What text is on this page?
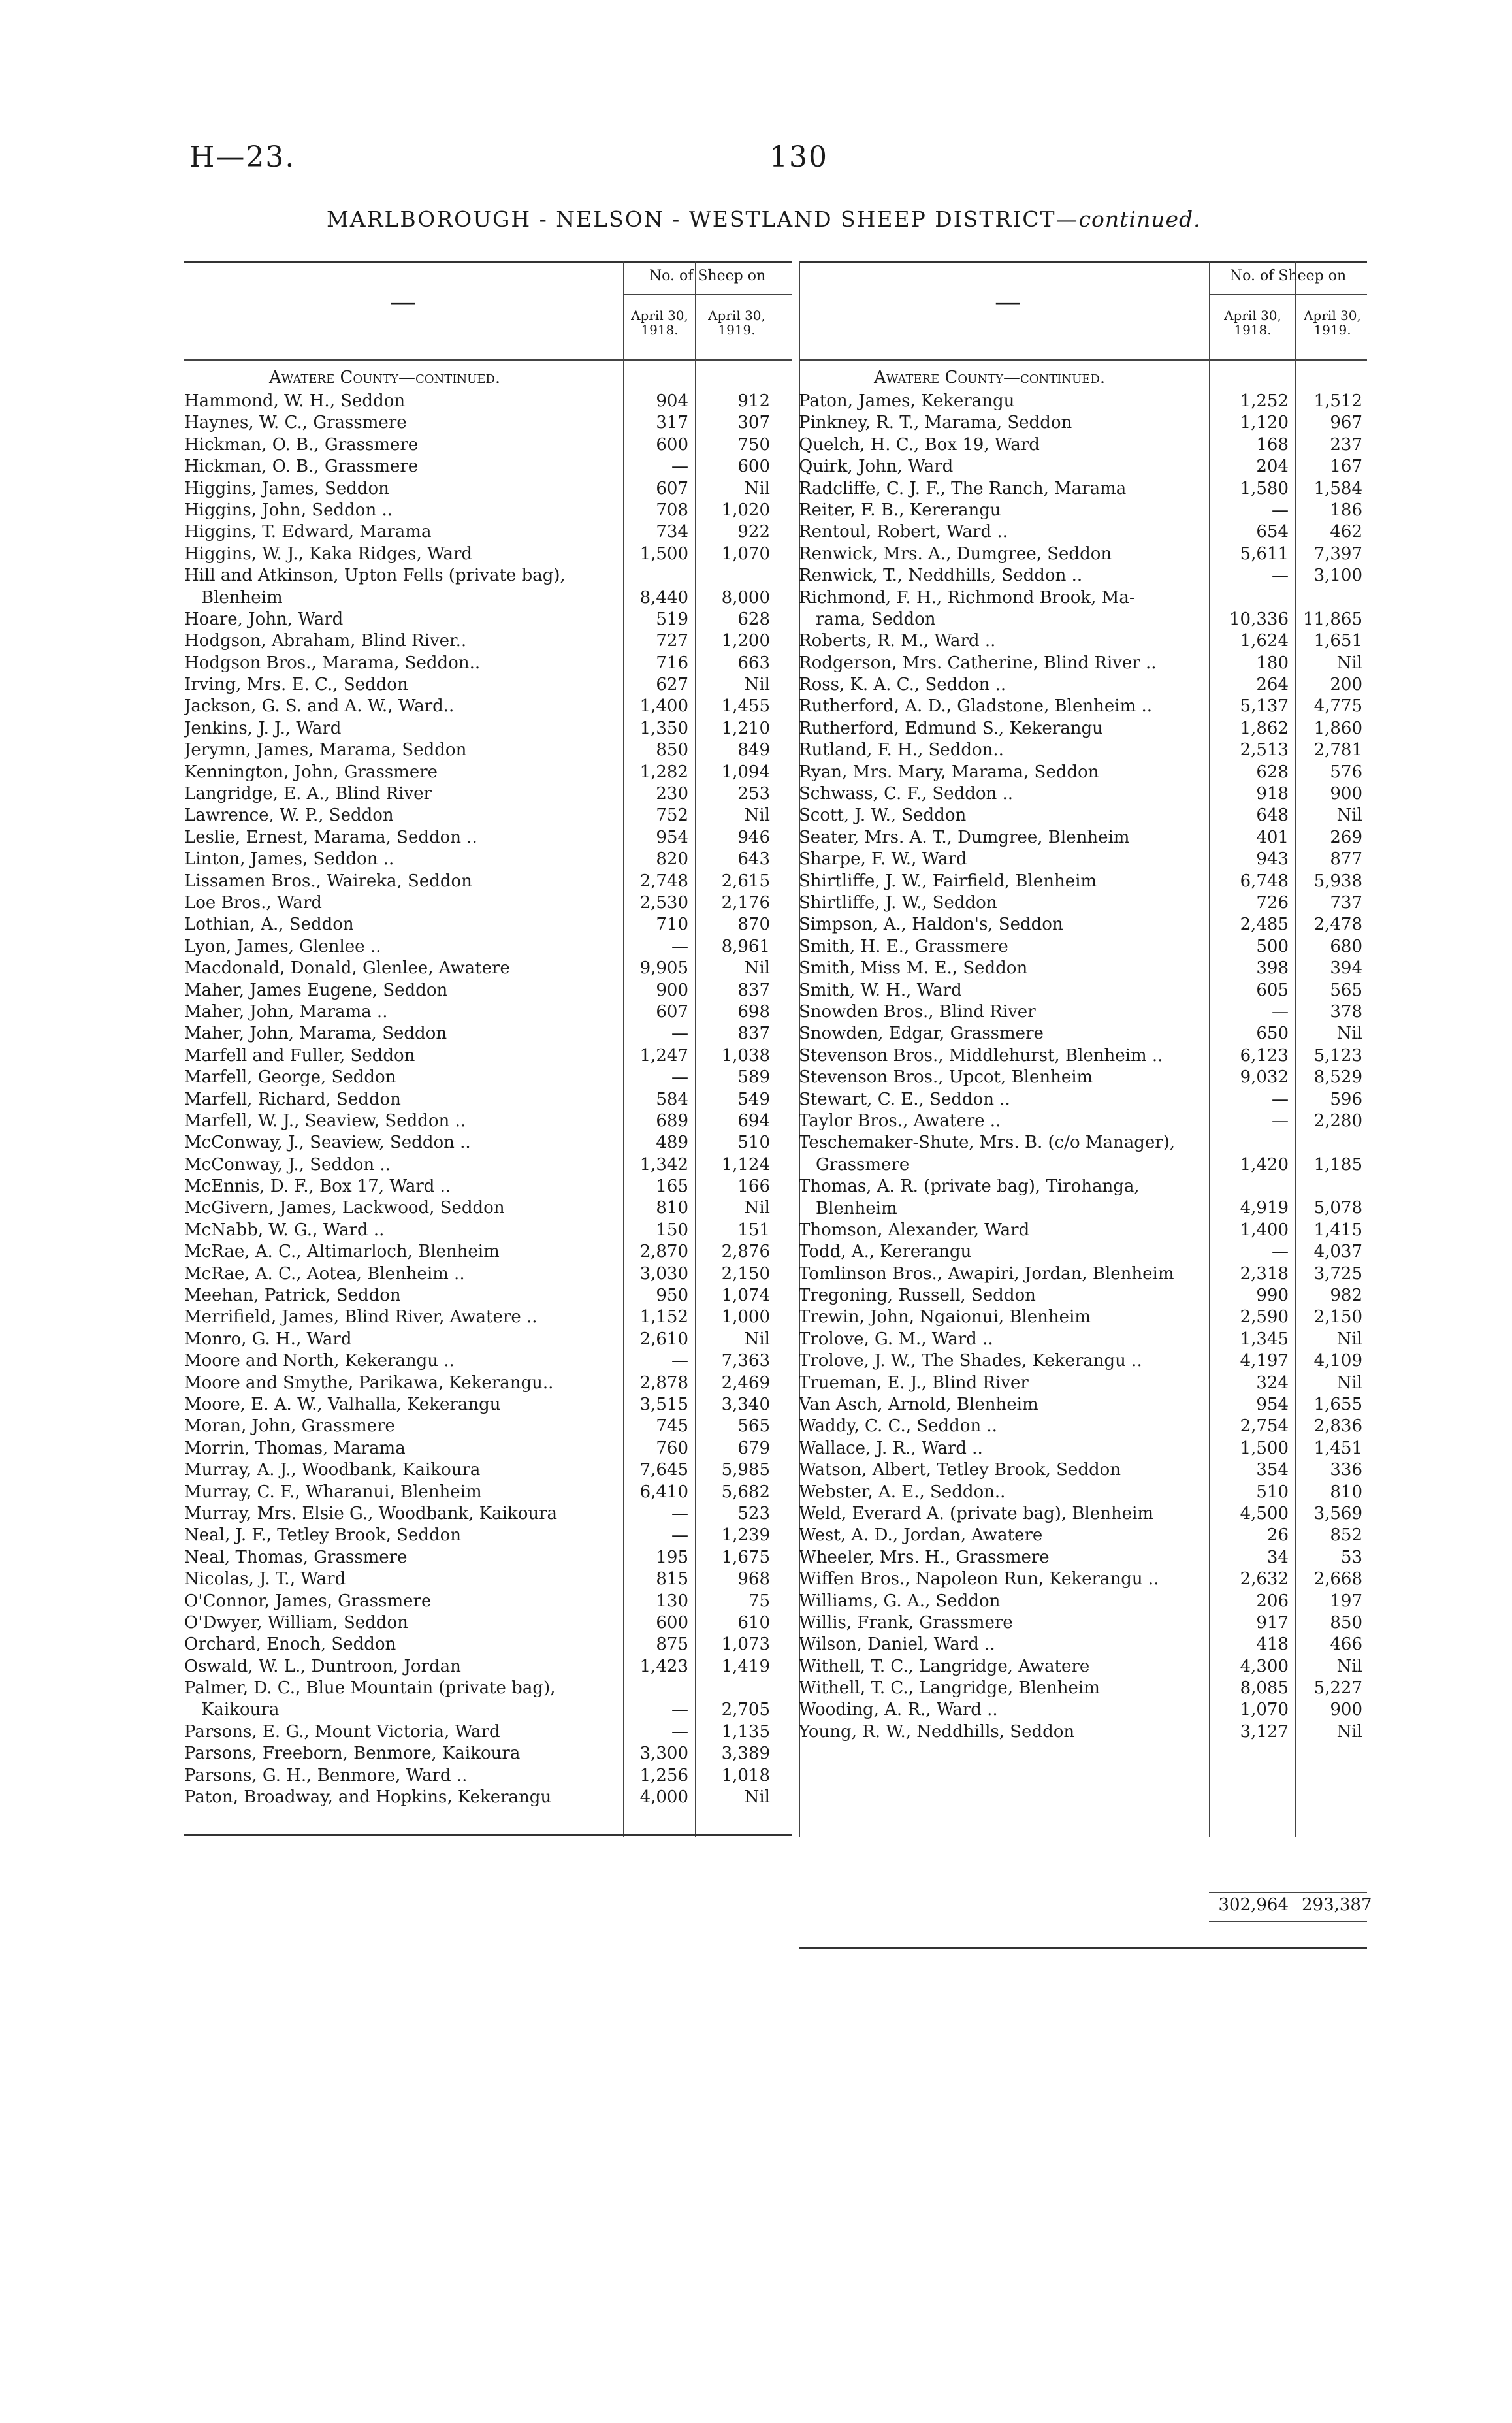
H—23.	130
MARLBOROUGH - NELSON - WESTLAND SHEEP DISTRICT—continued.
—
No. of Sheep on
April 30, 1918.
April 30, 1919.
Awatere County—continued.
Hammond, W. H., Seddon	904	912
Haynes, W. C., Grassmere	317	307
Hickman, O. B., Grassmere	600	750
Hickman, O. B., Grassmere	—	600
Higgins, James, Seddon	607	Nil
Higgins, John, Seddon ..	708	1,020
Higgins, T. Edward, Marama	734	922
Higgins, W. J., Kaka Ridges, Ward	1,500	1,070
Hill and Atkinson, Upton Fells (private bag),
Blenheim	8,440	8,000
Hoare, John, Ward	519	628
Hodgson, Abraham, Blind River..	727	1,200
Hodgson Bros., Marama, Seddon..	716	663
Irving, Mrs. E. C., Seddon	627	Nil
Jackson, G. S. and A. W., Ward..	1,400	1,455
Jenkins, J. J., Ward	1,350	1,210
Jerymn, James, Marama, Seddon	850	849
Kennington, John, Grassmere	1,282	1,094
Langridge, E. A., Blind River	230	253
Lawrence, W. P., Seddon	752	Nil
Leslie, Ernest, Marama, Seddon ..	954	946
Linton, James, Seddon ..	820	643
Lissamen Bros., Waireka, Seddon	2,748	2,615
Loe Bros., Ward	2,530	2,176
Lothian, A., Seddon	710	870
Lyon, James, Glenlee ..	—	8,961
Macdonald, Donald, Glenlee, Awatere	9,905	Nil
Maher, James Eugene, Seddon	900	837
Maher, John, Marama ..	607	698
Maher, John, Marama, Seddon	—	837
Marfell and Fuller, Seddon	1,247	1,038
Marfell, George, Seddon	—	589
Marfell, Richard, Seddon	584	549
Marfell, W. J., Seaview, Seddon ..	689	694
McConway, J., Seaview, Seddon ..	489	510
McConway, J., Seddon ..	1,342	1,124
McEnnis, D. F., Box 17, Ward ..	165	166
McGivern, James, Lackwood, Seddon	810	Nil
McNabb, W. G., Ward ..	150	151
McRae, A. C., Altimarloch, Blenheim	2,870	2,876
McRae, A. C., Aotea, Blenheim ..	3,030	2,150
Meehan, Patrick, Seddon	950	1,074
Merrifield, James, Blind River, Awatere ..	1,152	1,000
Monro, G. H., Ward	2,610	Nil
Moore and North, Kekerangu ..	—	7,363
Moore and Smythe, Parikawa, Kekerangu..	2,878	2,469
Moore, E. A. W., Valhalla, Kekerangu	3,515	3,340
Moran, John, Grassmere	745	565
Morrin, Thomas, Marama	760	679
Murray, A. J., Woodbank, Kaikoura	7,645	5,985
Murray, C. F., Wharanui, Blenheim	6,410	5,682
Murray, Mrs. Elsie G., Woodbank, Kaikoura	—	523
Neal, J. F., Tetley Brook, Seddon	—	1,239
Neal, Thomas, Grassmere	195	1,675
Nicolas, J. T., Ward	815	968
O'Connor, James, Grassmere	130	75
O'Dwyer, William, Seddon	600	610
Orchard, Enoch, Seddon	875	1,073
Oswald, W. L., Duntroon, Jordan	1,423	1,419
Palmer, D. C., Blue Mountain (private bag),
Kaikoura	—	2,705
Parsons, E. G., Mount Victoria, Ward	—	1,135
Parsons, Freeborn, Benmore, Kaikoura	3,300	3,389
Parsons, G. H., Benmore, Ward ..	1,256	1,018
Paton, Broadway, and Hopkins, Kekerangu	4,000	Nil
—
No. of Sheep on
April 30, 1918.
April 30, 1919.
Awatere County—continued.
Paton, James, Kekerangu	1,252	1,512
Pinkney, R. T., Marama, Seddon	1,120	967
Quelch, H. C., Box 19, Ward	168	237
Quirk, John, Ward	204	167
Radcliffe, C. J. F., The Ranch, Marama	1,580	1,584
Reiter, F. B., Kererangu	—	186
Rentoul, Robert, Ward ..	654	462
Renwick, Mrs. A., Dumgree, Seddon	5,611	7,397
Renwick, T., Neddhills, Seddon ..	—	3,100
Richmond, F. H., Richmond Brook, Ma-
rama, Seddon	10,336 11,865
Roberts, R. M., Ward ..	1,624	1,651
Rodgerson, Mrs. Catherine, Blind River ..	180	Nil
Ross, K. A. C., Seddon ..	264	200
Rutherford, A. D., Gladstone, Blenheim ..	5,137	4,775
Rutherford, Edmund S., Kekerangu	1,862	1,860
Rutland, F. H., Seddon..	2,513	2,781
Ryan, Mrs. Mary, Marama, Seddon	628	576
Schwass, C. F., Seddon ..	918	900
Scott, J. W., Seddon	648	Nil
Seater, Mrs. A. T., Dumgree, Blenheim	401	269
Sharpe, F. W., Ward	943	877
Shirtliffe, J. W., Fairfield, Blenheim	6,748	5,938
Shirtliffe, J. W., Seddon	726	737
Simpson, A., Haldon's, Seddon	2,485	2,478
Smith, H. E., Grassmere	500	680
Smith, Miss M. E., Seddon	398	394
Smith, W. H., Ward	605	565
Snowden Bros., Blind River	—	378
Snowden, Edgar, Grassmere	650	Nil
Stevenson Bros., Middlehurst, Blenheim ..	6,123	5,123
Stevenson Bros., Upcot, Blenheim	9,032	8,529
Stewart, C. E., Seddon ..	—	596
Taylor Bros., Awatere ..	—	2,280
Teschemaker-Shute, Mrs. B. (c/o Manager),
Grassmere	1,420	1,185
Thomas, A. R. (private bag), Tirohanga,
Blenheim	4,919	5,078
Thomson, Alexander, Ward	1,400	1,415
Todd, A., Kererangu	—	4,037
Tomlinson Bros., Awapiri, Jordan, Blenheim	2,318	3,725
Tregoning, Russell, Seddon	990	982
Trewin, John, Ngaionui, Blenheim	2,590	2,150
Trolove, G. M., Ward ..	1,345	Nil
Trolove, J. W., The Shades, Kekerangu ..	4,197	4,109
Trueman, E. J., Blind River	324	Nil
Van Asch, Arnold, Blenheim	954	1,655
Waddy, C. C., Seddon ..	2,754	2,836
Wallace, J. R., Ward ..	1,500	1,451
Watson, Albert, Tetley Brook, Seddon	354	336
Webster, A. E., Seddon..	510	810
Weld, Everard A. (private bag), Blenheim	4,500	3,569
West, A. D., Jordan, Awatere	26	852
Wheeler, Mrs. H., Grassmere	34	53
Wiffen Bros., Napoleon Run, Kekerangu ..	2,632	2,668
Williams, G. A., Seddon	206	197
Willis, Frank, Grassmere	917	850
Wilson, Daniel, Ward ..	418	466
Withell, T. C., Langridge, Awatere	4,300	Nil
Withell, T. C., Langridge, Blenheim	8,085	5,227
Wooding, A. R., Ward ..	1,070	900
Young, R. W., Neddhills, Seddon	3,127	Nil
302,964 293,387
